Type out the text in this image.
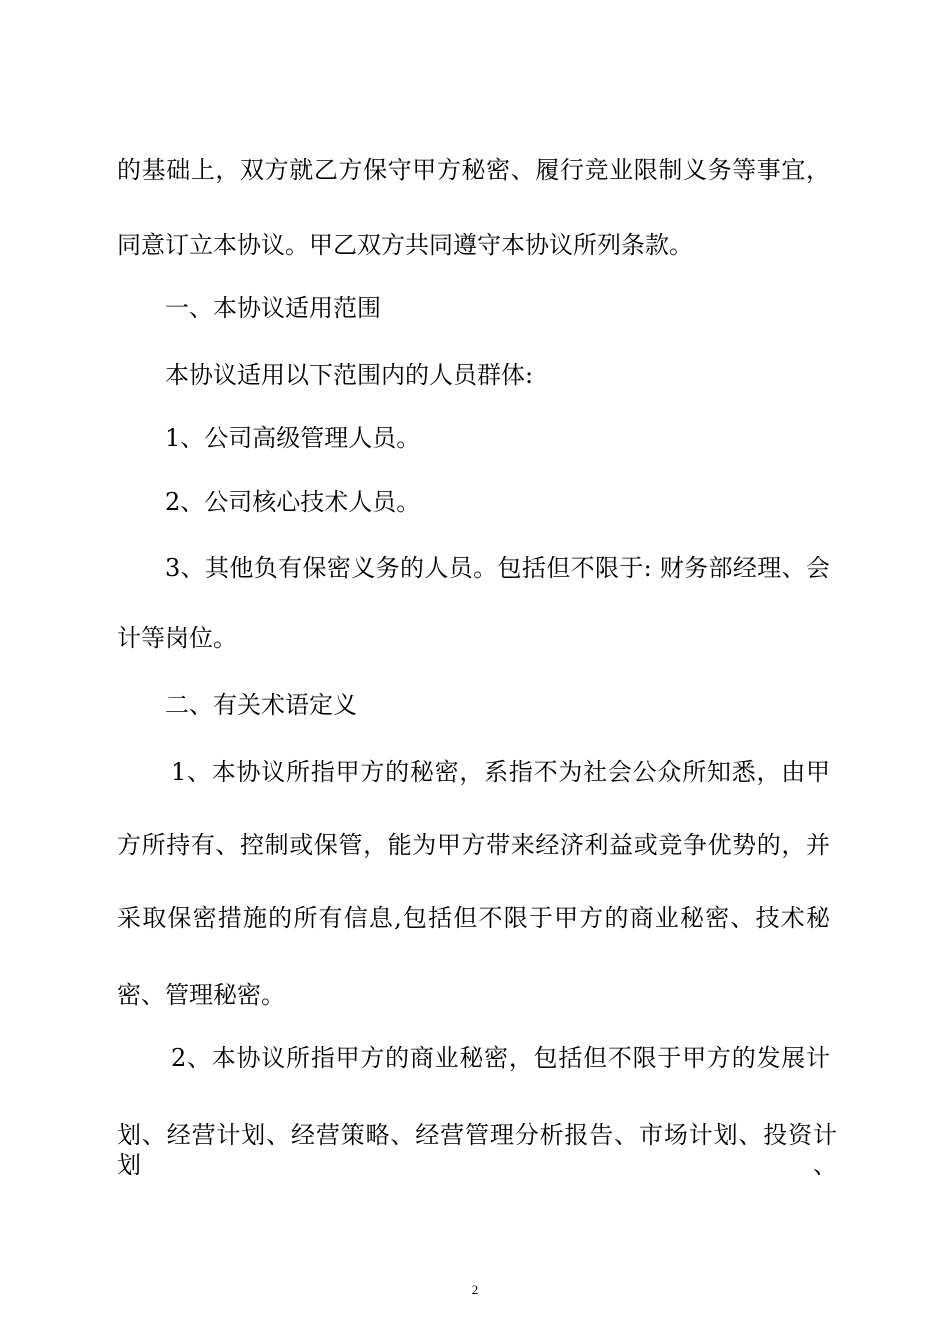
的基础上，双方就乙方保守甲方秘密、履行竞业限制义务等事宜，
同意订立本协议。甲乙双方共同遵守本协议所列条款。
一、本协议适用范围
本协议适用以下范围内的人员群体:
1、公司高级管理人员。
2、公司核心技术人员。
3、其他负有保密义务的人员。包括但不限于: 财务部经理、会
计等岗位。
二、有关术语定义
1、本协议所指甲方的秘密，系指不为社会公众所知悉，由甲
方所持有、控制或保管，能为甲方带来经济利益或竞争优势的，并
采取保密措施的所有信息,包括但不限于甲方的商业秘密、技术秘
密、管理秘密。
2、本协议所指甲方的商业秘密，包括但不限于甲方的发展计
划、经营计划、经营策略、经营管理分析报告、市场计划、投资计划、
2
